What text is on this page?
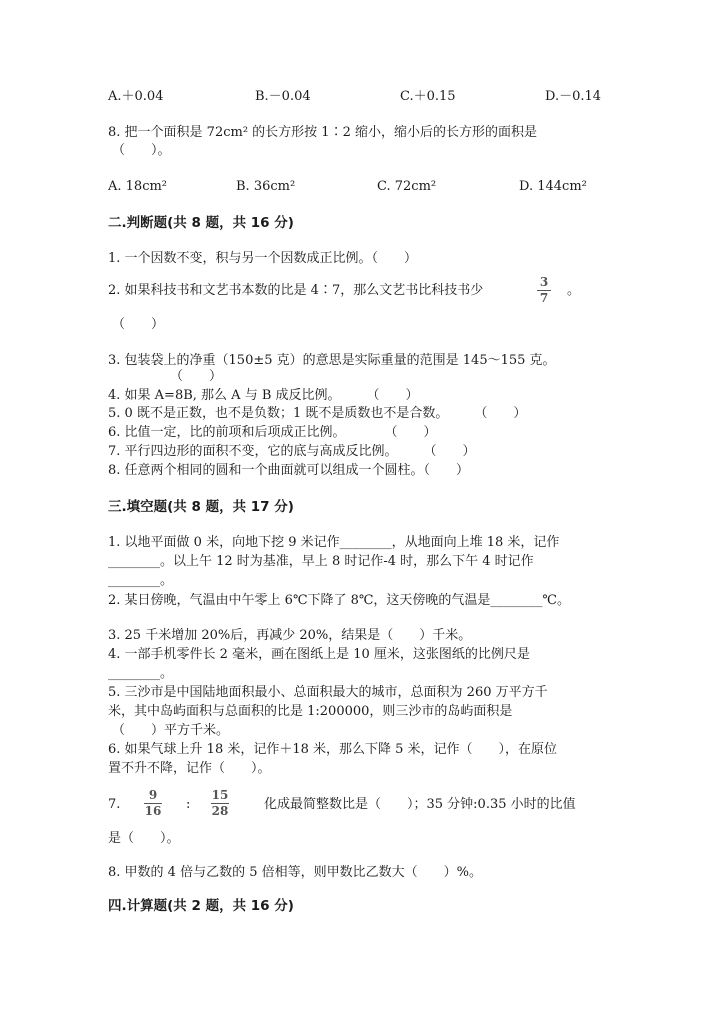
A.＋0.04	B.－0.04	C.＋0.15	D.－0.14
8. 把一个面积是 72cm² 的长方形按 1∶2 缩小，缩小后的长方形的面积是
（　　）。
A. 18cm²	B. 36cm²	C. 72cm²	D. 144cm²
二.判断题(共 8 题，共 16 分)
1. 一个因数不变，积与另一个因数成正比例。（　　）
2. 如果科技书和文艺书本数的比是 4∶7，那么文艺书比科技书少
3
7 。
（　　）
3. 包装袋上的净重（150±5 克）的意思是实际重量的范围是 145～155 克。
（　　）
4. 如果 A=8B, 那么 A 与 B 成反比例。　　　（　　）
5. 0 既不是正数，也不是负数；1 既不是质数也不是合数。　　　（　　）
6. 比值一定，比的前项和后项成正比例。　　　　（　　）
7. 平行四边形的面积不变，它的底与高成反比例。　　　（　　）
8. 任意两个相同的圆和一个曲面就可以组成一个圆柱。（　　）
三.填空题(共 8 题，共 17 分)
1. 以地平面做 0 米，向地下挖 9 米记作________，从地面向上堆 18 米，记作
________。以上午 12 时为基准，早上 8 时记作-4 时，那么下午 4 时记作
________。
2. 某日傍晚，气温由中午零上 6℃下降了 8℃，这天傍晚的气温是________℃。
3. 25 千米增加 20%后，再减少 20%，结果是（　　）千米。
4. 一部手机零件长 2 毫米，画在图纸上是 10 厘米，这张图纸的比例尺是
________。
5. 三沙市是中国陆地面积最小、总面积最大的城市，总面积为 260 万平方千
米，其中岛屿面积与总面积的比是 1:200000，则三沙市的岛屿面积是
（　　）平方千米。
6. 如果气球上升 18 米，记作＋18 米，那么下降 5 米，记作（　　），在原位
置不升不降，记作（　　）。
7.
9
16 :
15
28	化成最简整数比是（　　）；35 分钟:0.35 小时的比值
是（　　）。
8. 甲数的 4 倍与乙数的 5 倍相等，则甲数比乙数大（　　）%。
四.计算题(共 2 题，共 16 分)
